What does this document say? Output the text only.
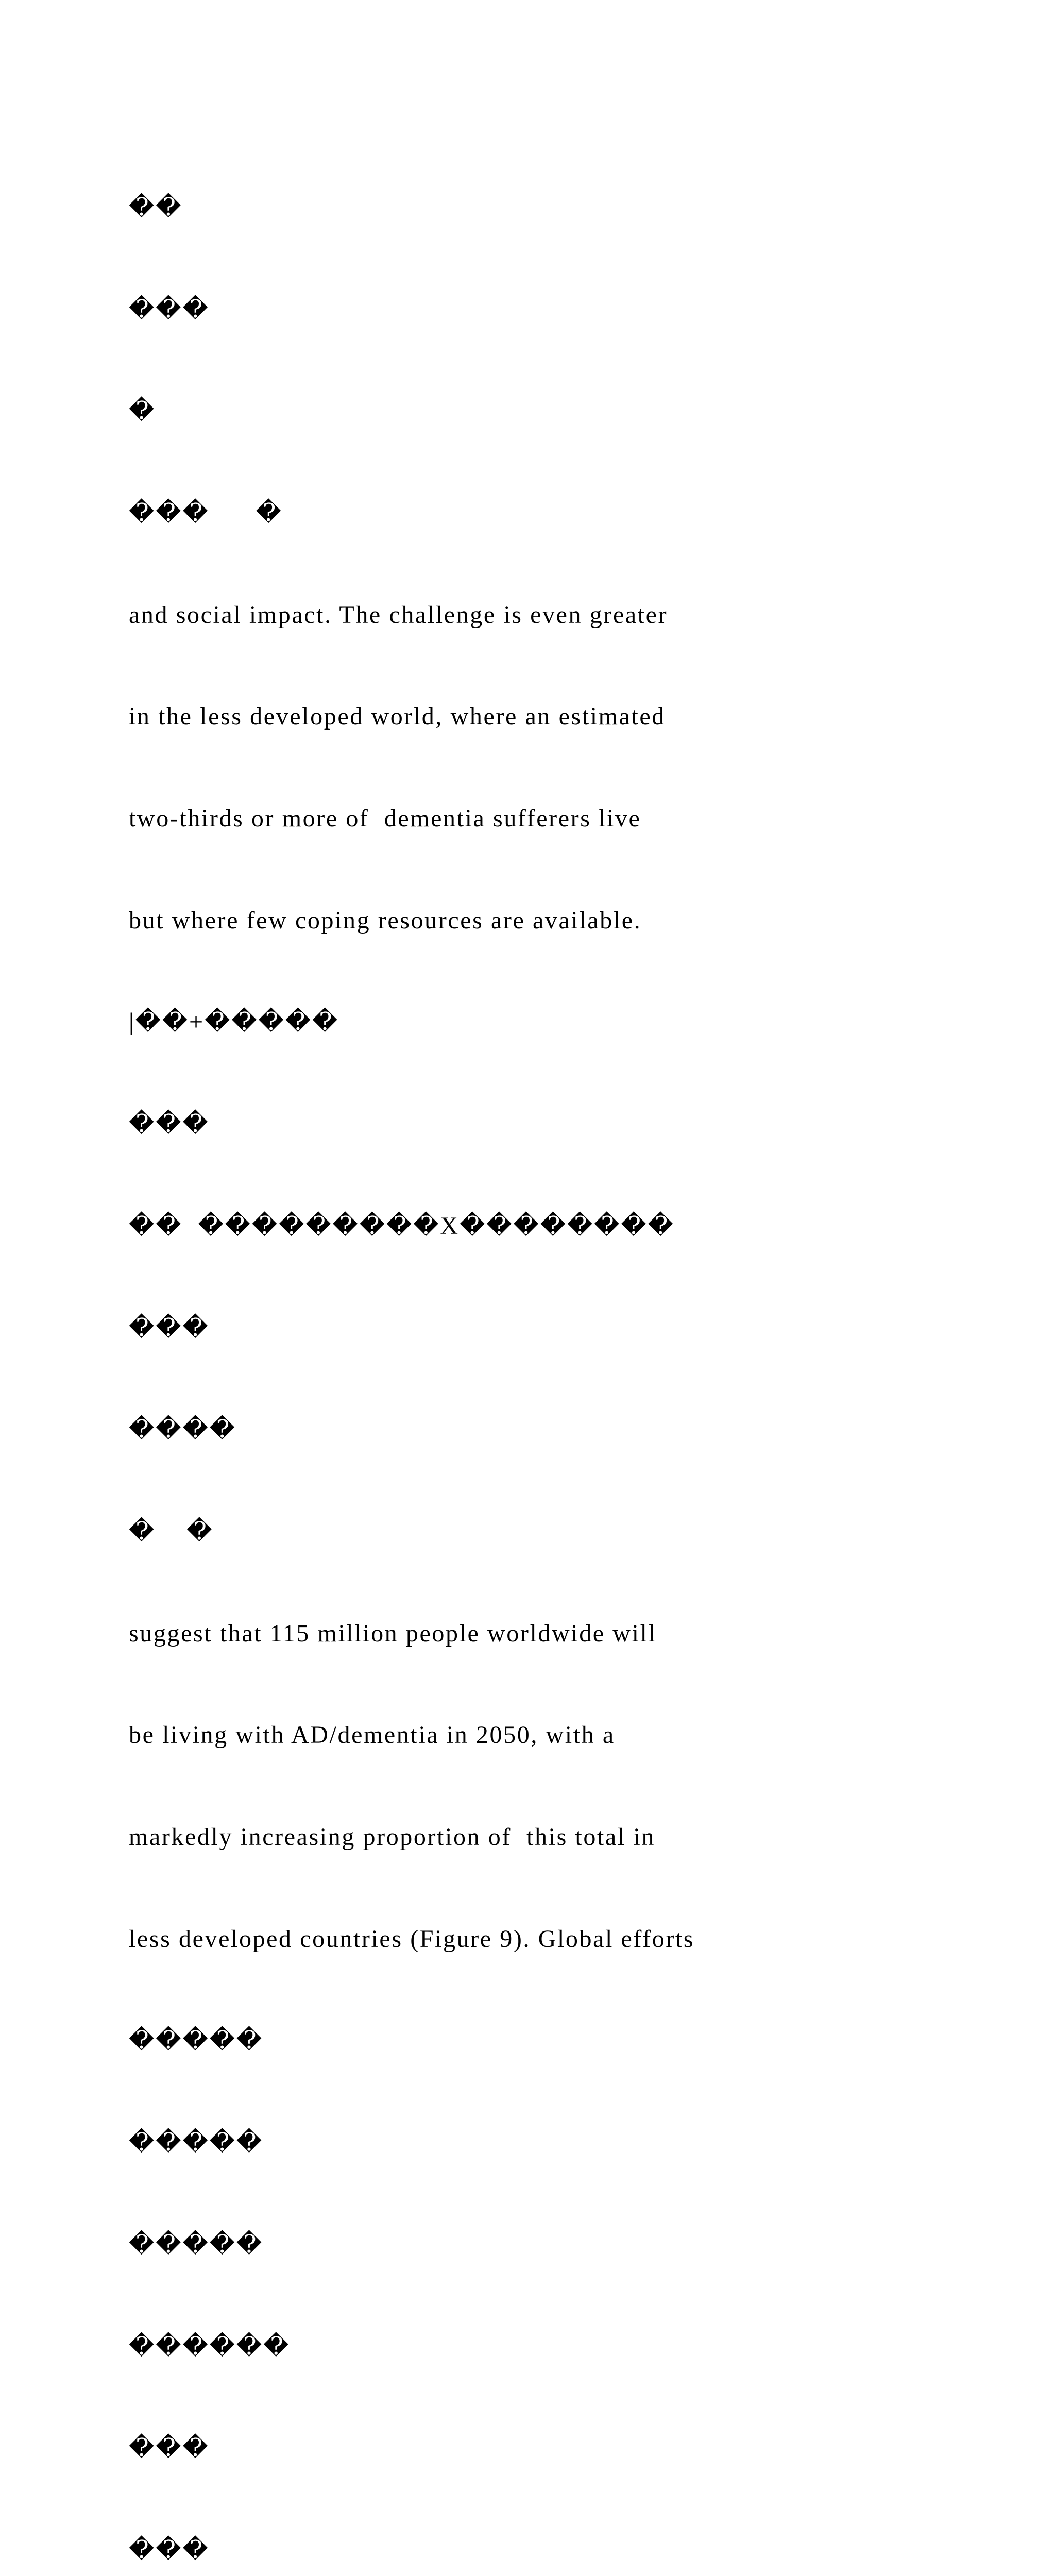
��

���

�

���      �

and social impact. The challenge is even greater

in the less developed world, where an estimated

two-thirds or more of  dementia sufferers live

but where few coping resources are available.

|��+�����

���

��  ���������X��������

���

����

�    �

suggest that 115 million people worldwide will

be living with AD/dementia in 2050, with a

markedly increasing proportion of  this total in

less developed countries (Figure 9). Global efforts

�����

�����

�����

������

���

���
